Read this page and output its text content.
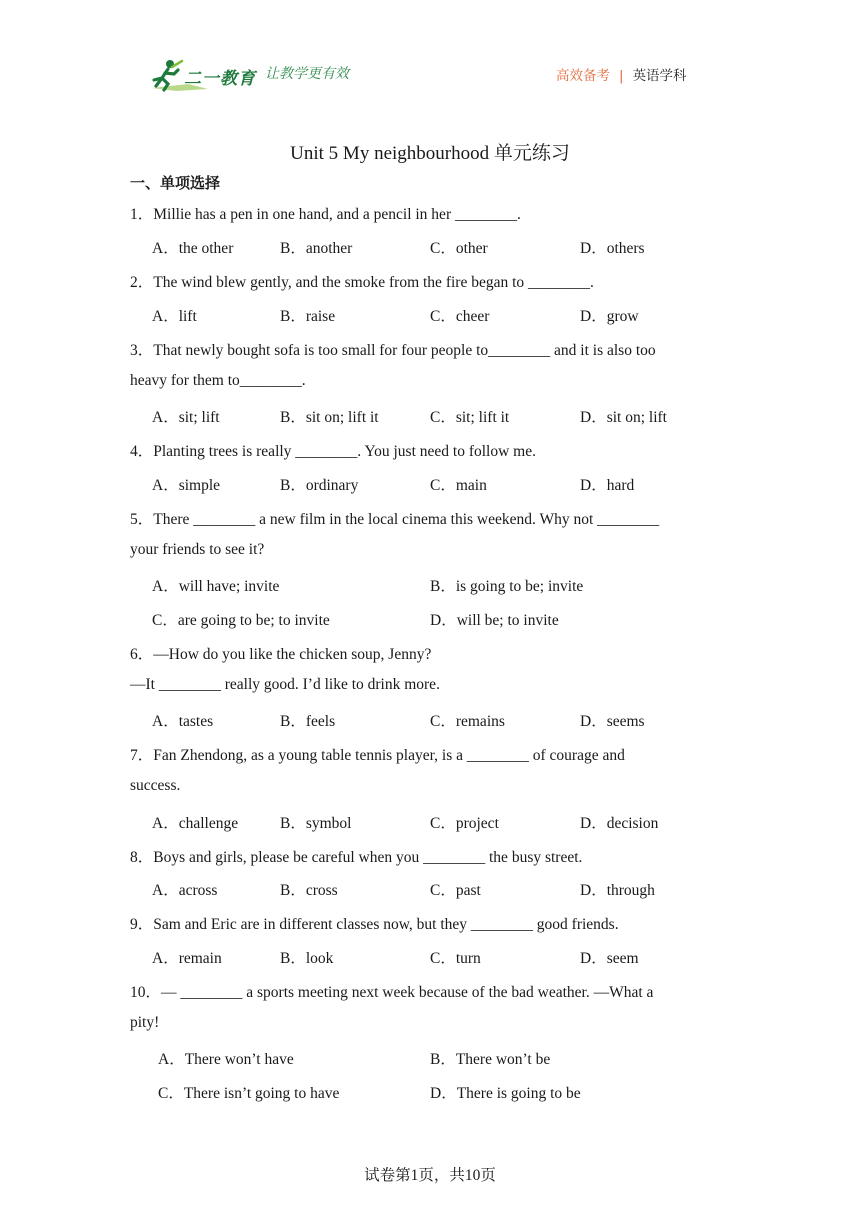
二一教育 让教学更有效	高效备考 | 英语学科
Unit 5 My neighbourhood 单元练习
一、单项选择
1．Millie has a pen in one hand, and a pencil in her ________.
A．the other	B．another	C．other	D．others
2．The wind blew gently, and the smoke from the fire began to ________.
A．lift	B．raise	C．cheer	D．grow
3．That newly bought sofa is too small for four people to________ and it is also too
heavy for them to________.
A．sit; lift	B．sit on; lift it	C．sit; lift it	D．sit on; lift
4．Planting trees is really ________. You just need to follow me.
A．simple	B．ordinary	C．main	D．hard
5．There ________ a new film in the local cinema this weekend. Why not ________
your friends to see it?
A．will have; invite	B．is going to be; invite
C．are going to be; to invite	D．will be; to invite
6．—How do you like the chicken soup, Jenny?
—It ________ really good. I’d like to drink more.
A．tastes	B．feels	C．remains	D．seems
7．Fan Zhendong, as a young table tennis player, is a ________ of courage and
success.
A．challenge	B．symbol	C．project	D．decision
8．Boys and girls, please be careful when you ________ the busy street.
A．across	B．cross	C．past	D．through
9．Sam and Eric are in different classes now, but they ________ good friends.
A．remain	B．look	C．turn	D．seem
10．— ________ a sports meeting next week because of the bad weather. —What a
pity!
A．There won’t have	B．There won’t be
C．There isn’t going to have	D．There is going to be
试卷第1页，共10页
